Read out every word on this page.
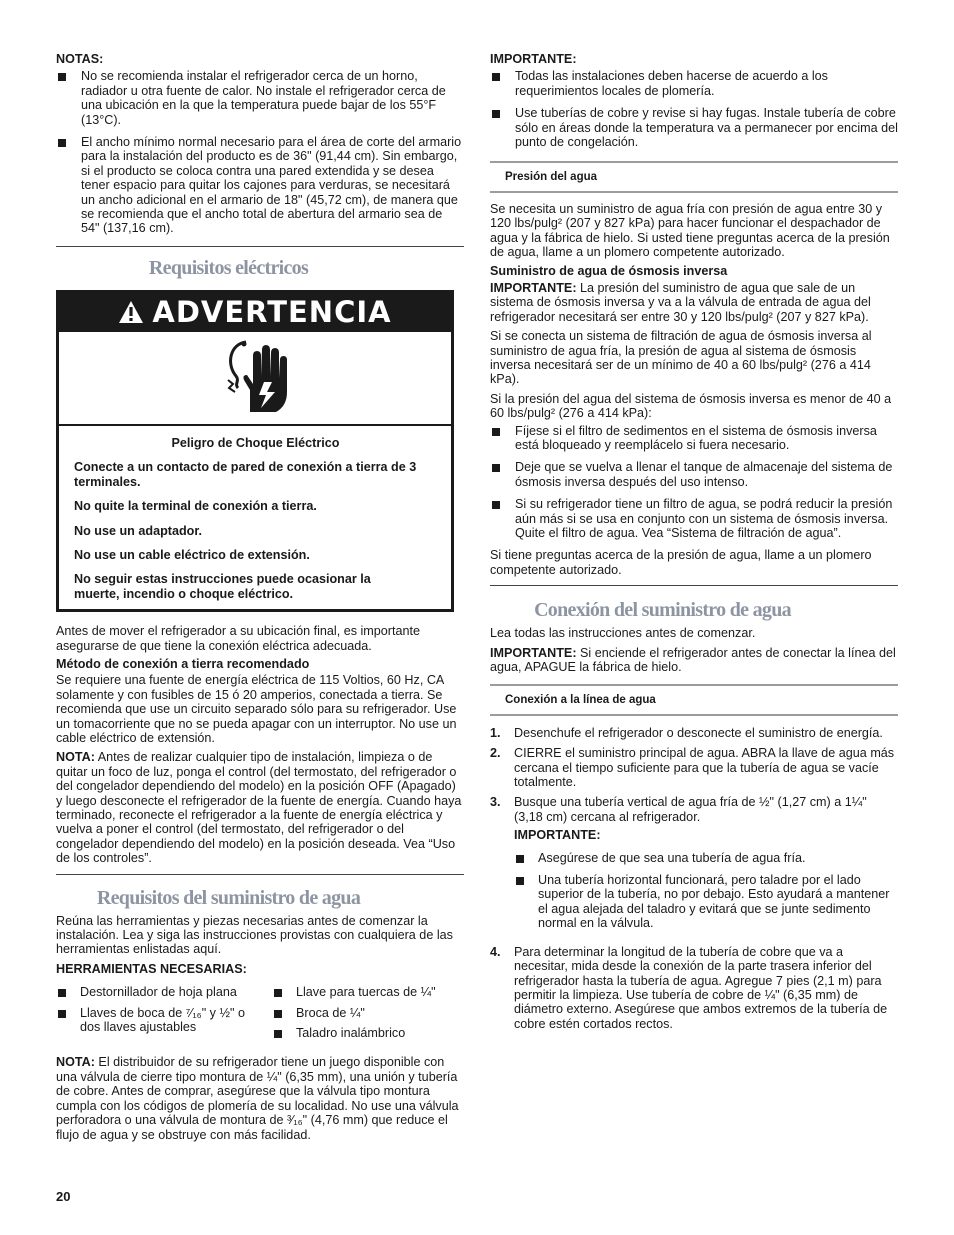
NOTAS:

No se recomienda instalar el refrigerador cerca de un horno, radiador u otra fuente de calor. No instale el refrigerador cerca de una ubicación en la que la temperatura puede bajar de los 55°F (13°C).
El ancho mínimo normal necesario para el área de corte del armario para la instalación del producto es de 36" (91,44 cm). Sin embargo, si el producto se coloca contra una pared extendida y se desea tener espacio para quitar los cajones para verduras, se necesitará un ancho adicional en el armario de 18" (45,72 cm), de manera que se recomienda que el ancho total de abertura del armario sea de 54" (137,16 cm).
Requisitos eléctricos
ADVERTENCIA

Peligro de Choque Eléctrico

Conecte a un contacto de pared de conexión a tierra de 3 terminales.

No quite la terminal de conexión a tierra.

No use un adaptador.

No use un cable eléctrico de extensión.

No seguir estas instrucciones puede ocasionar la muerte, incendio o choque eléctrico.

Antes de mover el refrigerador a su ubicación final, es importante asegurarse de que tiene la conexión eléctrica adecuada.

Método de conexión a tierra recomendado

Se requiere una fuente de energía eléctrica de 115 Voltios, 60 Hz, CA solamente y con fusibles de 15 ó 20 amperios, conectada a tierra. Se recomienda que use un circuito separado sólo para su refrigerador. Use un tomacorriente que no se pueda apagar con un interruptor. No use un cable eléctrico de extensión.

NOTA: Antes de realizar cualquier tipo de instalación, limpieza o de quitar un foco de luz, ponga el control (del termostato, del refrigerador o del congelador dependiendo del modelo) en la posición OFF (Apagado) y luego desconecte el refrigerador de la fuente de energía. Cuando haya terminado, reconecte el refrigerador a la fuente de energía eléctrica y vuelva a poner el control (del termostato, del refrigerador o del congelador dependiendo del modelo) en la posición deseada. Vea “Uso de los controles”.

Requisitos del suministro de agua

Reúna las herramientas y piezas necesarias antes de comenzar la instalación. Lea y siga las instrucciones provistas con cualquiera de las herramientas enlistadas aquí.

HERRAMIENTAS NECESARIAS:

Destornillador de hoja plana
Llaves de boca de ⁷⁄₁₆" y ½" o dos llaves ajustables
Llave para tuercas de ¼"
Broca de ¼"
Taladro inalámbrico

NOTA: El distribuidor de su refrigerador tiene un juego disponible con una válvula de cierre tipo montura de ¼" (6,35 mm), una unión y tubería de cobre. Antes de comprar, asegúrese que la válvula tipo montura cumpla con los códigos de plomería de su localidad. No use una válvula perforadora o una válvula de montura de ³⁄₁₆" (4,76 mm) que reduce el flujo de agua y se obstruye con más facilidad.

IMPORTANTE:

Todas las instalaciones deben hacerse de acuerdo a los requerimientos locales de plomería.
Use tuberías de cobre y revise si hay fugas. Instale tubería de cobre sólo en áreas donde la temperatura va a permanecer por encima del punto de congelación.

Presión del agua

Se necesita un suministro de agua fría con presión de agua entre 30 y 120 lbs/pulg² (207 y 827 kPa) para hacer funcionar el despachador de agua y la fábrica de hielo. Si usted tiene preguntas acerca de la presión de agua, llame a un plomero competente autorizado.

Suministro de agua de ósmosis inversa

IMPORTANTE: La presión del suministro de agua que sale de un sistema de ósmosis inversa y va a la válvula de entrada de agua del refrigerador necesitará ser entre 30 y 120 lbs/pulg² (207 y 827 kPa).

Si se conecta un sistema de filtración de agua de ósmosis inversa al suministro de agua fría, la presión de agua al sistema de ósmosis inversa necesitará ser de un mínimo de 40 a 60 lbs/pulg² (276 a 414 kPa).

Si la presión del agua del sistema de ósmosis inversa es menor de 40 a 60 lbs/pulg² (276 a 414 kPa):

Fíjese si el filtro de sedimentos en el sistema de ósmosis inversa está bloqueado y reemplácelo si fuera necesario.
Deje que se vuelva a llenar el tanque de almacenaje del sistema de ósmosis inversa después del uso intenso.
Si su refrigerador tiene un filtro de agua, se podrá reducir la presión aún más si se usa en conjunto con un sistema de ósmosis inversa. Quite el filtro de agua. Vea “Sistema de filtración de agua”.

Si tiene preguntas acerca de la presión de agua, llame a un plomero competente autorizado.

Conexión del suministro de agua

Lea todas las instrucciones antes de comenzar.

IMPORTANTE: Si enciende el refrigerador antes de conectar la línea del agua, APAGUE la fábrica de hielo.

Conexión a la línea de agua

1. Desenchufe el refrigerador o desconecte el suministro de energía.
2. CIERRE el suministro principal de agua. ABRA la llave de agua más cercana el tiempo suficiente para que la tubería de agua se vacíe totalmente.
3. Busque una tubería vertical de agua fría de ½" (1,27 cm) a 1¼" (3,18 cm) cercana al refrigerador.

IMPORTANTE:

Asegúrese de que sea una tubería de agua fría.
Una tubería horizontal funcionará, pero taladre por el lado superior de la tubería, no por debajo. Esto ayudará a mantener el agua alejada del taladro y evitará que se junte sedimento normal en la válvula.
4. Para determinar la longitud de la tubería de cobre que va a necesitar, mida desde la conexión de la parte trasera inferior del refrigerador hasta la tubería de agua. Agregue 7 pies (2,1 m) para permitir la limpieza. Use tubería de cobre de ¼" (6,35 mm) de diámetro externo. Asegúrese que ambos extremos de la tubería de cobre estén cortados rectos.
20
